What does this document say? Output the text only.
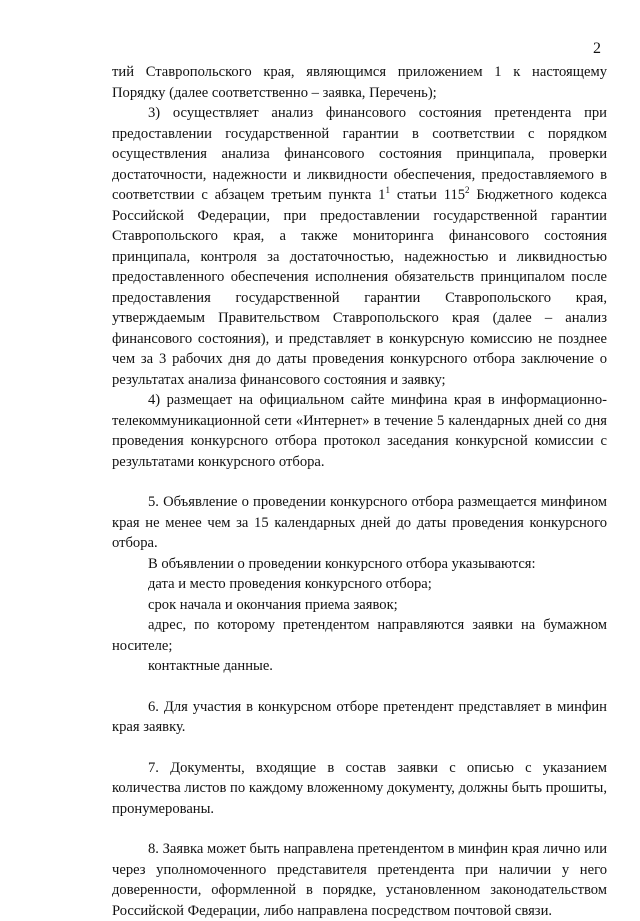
2

тий Ставропольского края, являющимся приложением 1 к настоящему Порядку (далее соответственно – заявка, Перечень);

3) осуществляет анализ финансового состояния претендента при предоставлении государственной гарантии в соответствии с порядком осуществления анализа финансового состояния принципала, проверки достаточности, надежности и ликвидности обеспечения, предоставляемого в соответствии с абзацем третьим пункта $1^1$ статьи $115^2$ Бюджетного кодекса Российской Федерации, при предоставлении государственной гарантии Ставропольского края, а также мониторинга финансового состояния принципала, контроля за достаточностью, надежностью и ликвидностью предоставленного обеспечения исполнения обязательств принципалом после предоставления государственной гарантии Ставропольского края, утверждаемым Правительством Ставропольского края (далее – анализ финансового состояния), и представляет в конкурсную комиссию не позднее чем за 3 рабочих дня до даты проведения конкурсного отбора заключение о результатах анализа финансового состояния и заявку;

4) размещает на официальном сайте минфина края в информационно-телекоммуникационной сети «Интернет» в течение 5 календарных дней со дня проведения конкурсного отбора протокол заседания конкурсной комиссии с результатами конкурсного отбора.

5. Объявление о проведении конкурсного отбора размещается минфином края не менее чем за 15 календарных дней до даты проведения конкурсного отбора.

В объявлении о проведении конкурсного отбора указываются:

дата и место проведения конкурсного отбора;

срок начала и окончания приема заявок;

адрес, по которому претендентом направляются заявки на бумажном носителе;

контактные данные.

6. Для участия в конкурсном отборе претендент представляет в минфин края заявку.

7. Документы, входящие в состав заявки с описью с указанием количества листов по каждому вложенному документу, должны быть прошиты, пронумерованы.

8. Заявка может быть направлена претендентом в минфин края лично или через уполномоченного представителя претендента при наличии у него доверенности, оформленной в порядке, установленном законодательством Российской Федерации, либо направлена посредством почтовой связи.
